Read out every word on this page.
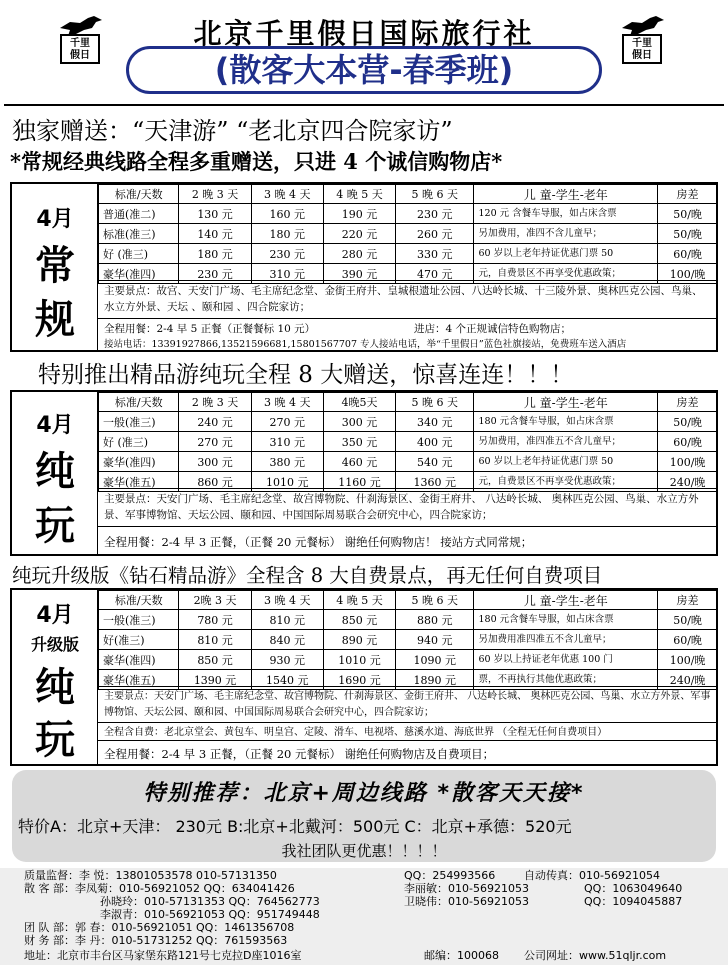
千里
假日
千里
假日
北京千里假日国际旅行社
(散客大本营-春季班)
独家赠送：“天津游” “老北京四合院家访”
*常规经典线路全程多重赠送，只进 4 个诚信购物店*
4月
常
规
标准/天数	2 晚 3 天	3 晚 4 天	4 晚 5 天	5 晚 6 天	儿 童-学生-老年	房差
普通(准二)	130 元	160 元	190 元	230 元	120 元 含餐车导服，如占床含票	50/晚
标准(准三)	140 元	180 元	220 元	260 元	另加费用，准四不含儿童早；	50/晚
好 (准三)	180 元	230 元	280 元	330 元	60 岁以上老年持证优惠门票 50	60/晚
豪华(准四)	230 元	310 元	390 元	470 元	元，自费景区不再享受优惠政策；	100/晚
主要景点：故宫、天安门广场、毛主席纪念堂、金街王府井、皇城根遗址公园、八达岭长城、十三陵外景、奥林匹克公园、鸟巢、水立方外景、天坛 、颐和园 、四合院家访；
全程用餐：2-4 早 5 正餐（正餐餐标 10 元）	进店：4 个正规诚信特色购物店；
接站电话：13391927866,13521596681,15801567707 专人接站电话，举“千里假日”蓝色社旗接站，免费班车送入酒店
特别推出精品游纯玩全程 8 大赠送，惊喜连连！！！
4月
纯
玩
标准/天数	2 晚 3 天	3 晚 4 天	4晚5天	5 晚 6 天	儿 童-学生-老年	房差
一般(准三)	240 元	270 元	300 元	340 元	180 元含餐车导服，如占床含票	50/晚
好 (准三)	270 元	310 元	350 元	400 元	另加费用，准四准五不含儿童早；	60/晚
豪华(准四)	300 元	380 元	460 元	540 元	60 岁以上老年持证优惠门票 50	100/晚
豪华(准五)	860 元	1010 元	1160 元	1360 元	元，自费景区不再享受优惠政策；	240/晚
主要景点：天安门广场、毛主席纪念堂、故宫博物院、什刹海景区、金街王府井、 八达岭长城、 奥林匹克公园、鸟巢、水立方外景、军事博物馆、天坛公园、颐和园、中国国际周易联合会研究中心，四合院家访；
全程用餐：2-4 早 3 正餐，（正餐 20 元餐标） 谢绝任何购物店！ 接站方式同常规；
纯玩升级版《钻石精品游》全程含 8 大自费景点，再无任何自费项目
4月
升级版
纯
玩
标准/天数	2晚 3 天	3 晚 4 天	4 晚 5 天	5 晚 6 天	儿 童-学生-老年	房差
一般(准三)	780 元	810 元	850 元	880 元	180 元含餐车导服，如占床含票	50/晚
好(准三)	810 元	840 元	890 元	940 元	另加费用准四准五不含儿童早；	60/晚
豪华(准四)	850 元	930 元	1010 元	1090 元	60 岁以上持证老年优惠 100 门	100/晚
豪华(准五)	1390 元	1540 元	1690 元	1890 元	票，不再执行其他优惠政策；	240/晚
主要景点：天安门广场、毛主席纪念堂、故宫博物院、什刹海景区、金街王府井、 八达岭长城、 奥林匹克公园、鸟巢、水立方外景、军事博物馆、天坛公园、颐和园、中国国际周易联合会研究中心，四合院家访；
全程含自费：老北京堂会、黄包车、明皇宫、定陵、滑车、电视塔、慈溪水道、海底世界 （全程无任何自费项目）
全程用餐：2-4 早 3 正餐，（正餐 20 元餐标） 谢绝任何购物店及自费项目；
特别推荐：北京+周边线路 *散客天天接*
特价A：北京+天津： 230元 B:北京+北戴河：500元 C：北京+承德：520元
我社团队更优惠！！！！
质量监督：李 悦：13801053578 010-57131350	QQ：254993566	自动传真：010-56921054
散 客 部：李凤菊：010-56921052 QQ：634041426	李丽敏：010-56921053	QQ：1063049640
孙晓玲：010-57131353 QQ：764562773	卫晓伟：010-56921053	QQ：1094045887
李淑青：010-56921053 QQ：951749448
团 队 部：郭 春：010-56921051 QQ：1461356708
财 务 部：李 丹：010-51731252 QQ：761593563
地址：北京市丰台区马家堡东路121号七克拉D座1016室	邮编：100068 公司网址：www.51qljr.com
